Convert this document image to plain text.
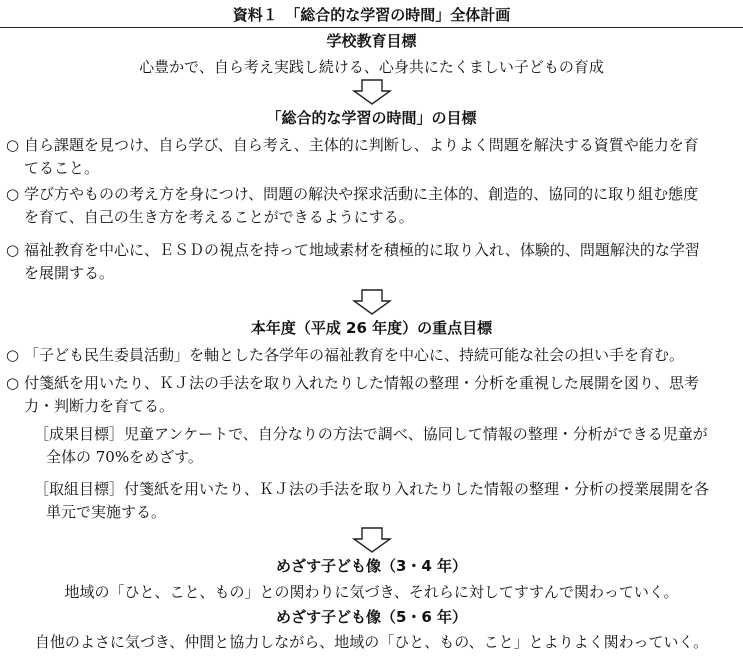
資料１　「総合的な学習の時間」全体計画
学校教育目標
心豊かで、自ら考え実践し続ける、心身共にたくましい子どもの育成
「総合的な学習の時間」の目標
○ 自ら課題を見つけ、自ら学び、自ら考え、主体的に判断し、よりよく問題を解決する資質や能力を育
てること。
○ 学び方やものの考え方を身につけ、問題の解決や探求活動に主体的、創造的、協同的に取り組む態度
を育て、自己の生き方を考えることができるようにする。
○ 福祉教育を中心に、ＥＳＤの視点を持って地域素材を積極的に取り入れ、体験的、問題解決的な学習
を展開する。
本年度（平成 26 年度）の重点目標
○ 「子ども民生委員活動」を軸とした各学年の福祉教育を中心に、持続可能な社会の担い手を育む。
○ 付箋紙を用いたり、ＫＪ法の手法を取り入れたりした情報の整理・分析を重視した展開を図り、思考
力・判断力を育てる。
［成果目標］児童アンケートで、自分なりの方法で調べ、協同して情報の整理・分析ができる児童が
全体の 70%をめざす。
［取組目標］付箋紙を用いたり、ＫＪ法の手法を取り入れたりした情報の整理・分析の授業展開を各
単元で実施する。
めざす子ども像（3・4 年）
地域の「ひと、こと、もの」との関わりに気づき、それらに対してすすんで関わっていく。
めざす子ども像（5・6 年）
自他のよさに気づき、仲間と協力しながら、地域の「ひと、もの、こと」とよりよく関わっていく。
